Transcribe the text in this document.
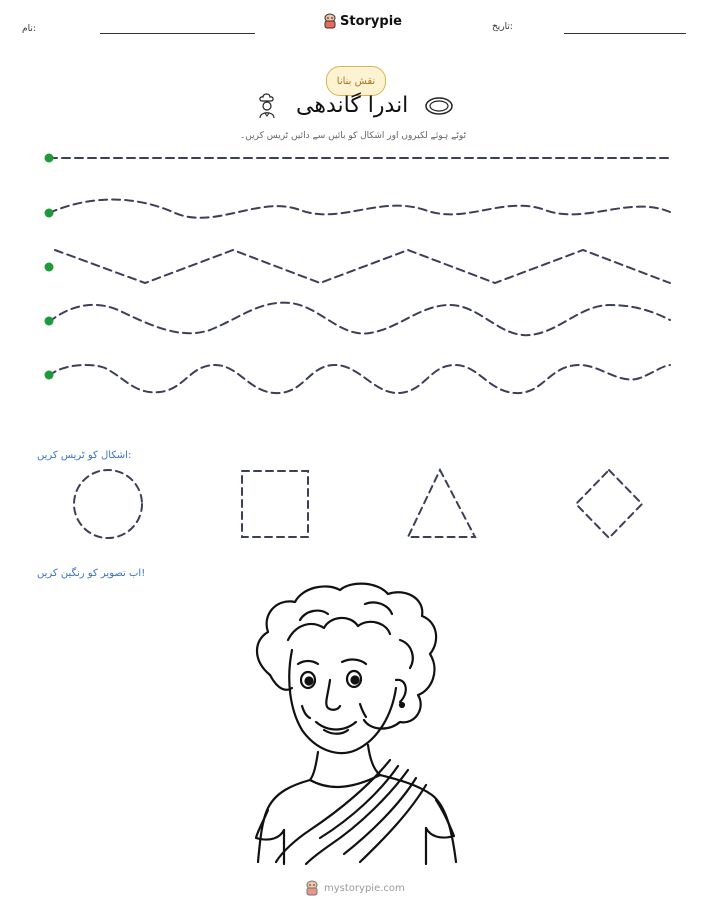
نام:
Storypie	تاریخ:
نقش بنانا
اندرا گاندھی
ٹوٹے ہوئے لکیروں اور اشکال کو بائیں سے دائیں ٹریس کریں۔
اشکال کو ٹریس کریں:
اب تصویر کو رنگین کریں!
mystorypie.com
